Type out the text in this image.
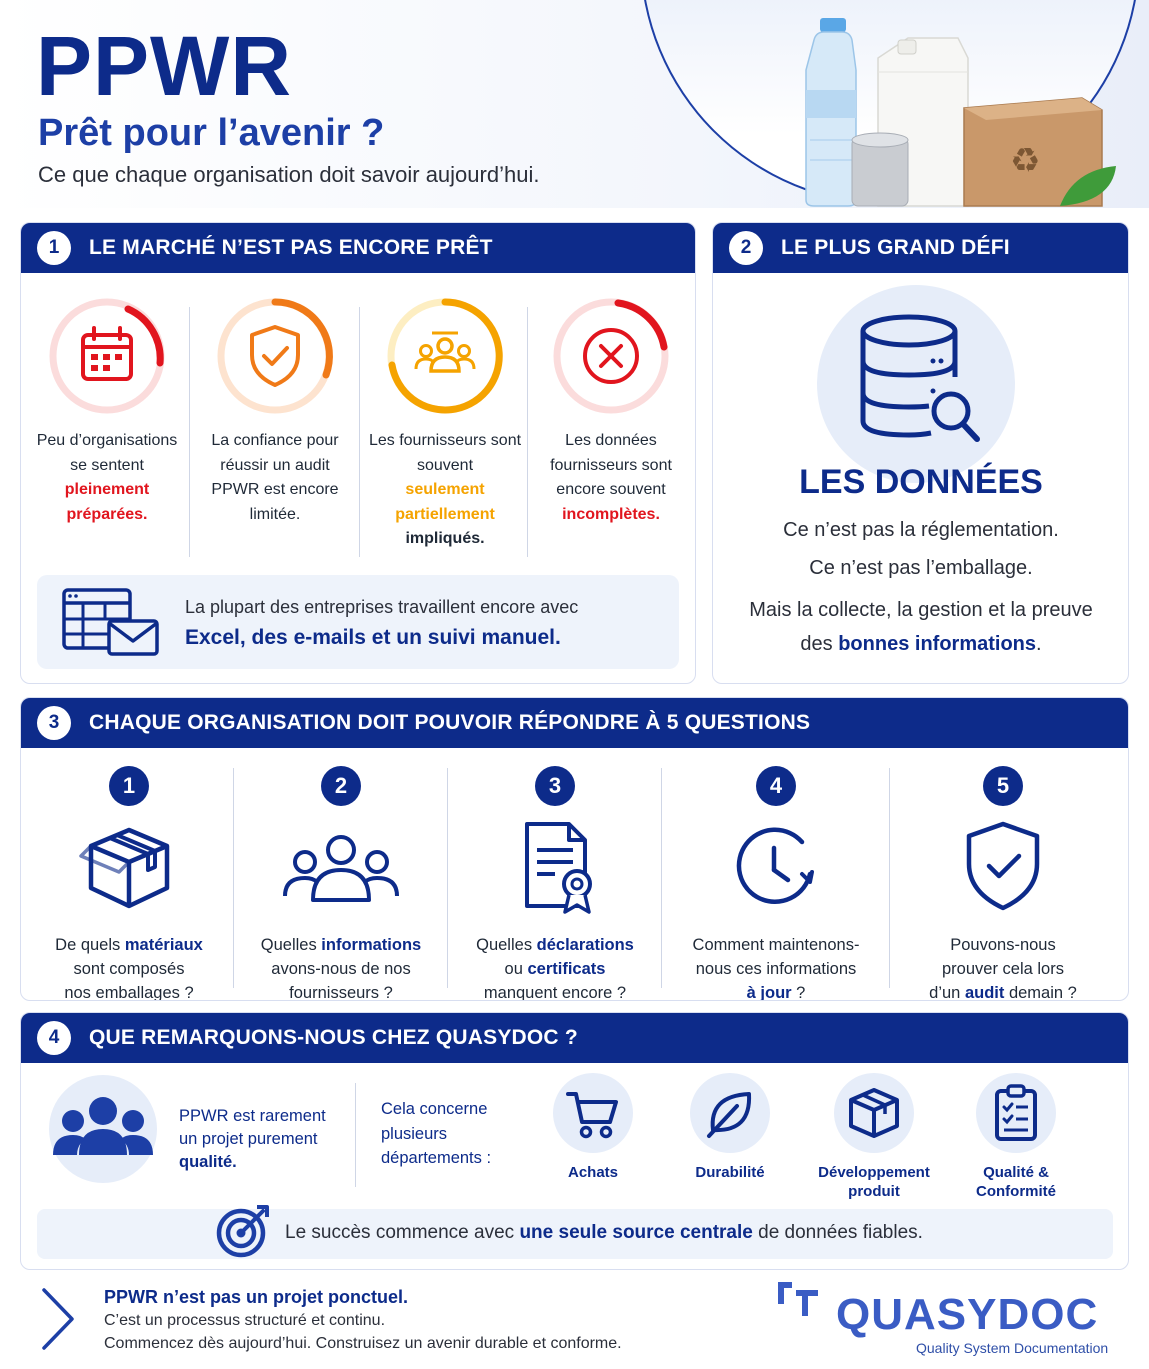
♻
PPWR
Prêt pour l’avenir ?
Ce que chaque organisation doit savoir aujourd’hui.
1	LE MARCHÉ N’EST PAS ENCORE PRÊT
Peu d’organisations se sentent
pleinement préparées.
La confiance pour réussir un audit PPWR est encore limitée.
Les fournisseurs sont souvent
seulement partiellement
impliqués.
Les données fournisseurs sont encore souvent
incomplètes.
La plupart des entreprises travaillent encore avec
Excel, des e-mails et un suivi manuel.
2	LE PLUS GRAND DÉFI
LES DONNÉES
Ce n’est pas la réglementation.
Ce n’est pas l’emballage.
Mais la collecte, la gestion et la preuve
des bonnes informations.
3	CHAQUE ORGANISATION DOIT POUVOIR RÉPONDRE À 5 QUESTIONS
1
De quels matériaux
sont composés
nos emballages ?
2
Quelles informations
avons-nous de nos
fournisseurs ?
3
Quelles déclarations
ou certificats
manquent encore ?
4
Comment maintenons-
nous ces informations
à jour ?
5
Pouvons-nous
prouver cela lors
d’un audit demain ?
4	QUE REMARQUONS-NOUS CHEZ QUASYDOC ?
PPWR est rarement
un projet purement
qualité.
Cela concerne
plusieurs
départements :
Achats	Durabilité	Développement
produit
Qualité &
Conformité
Le succès commence avec une seule source centrale de données fiables.
PPWR n’est pas un projet ponctuel.
C’est un processus structuré et continu.
Commencez dès aujourd’hui. Construisez un avenir durable et conforme.
QUASYDOC
Quality System Documentation
